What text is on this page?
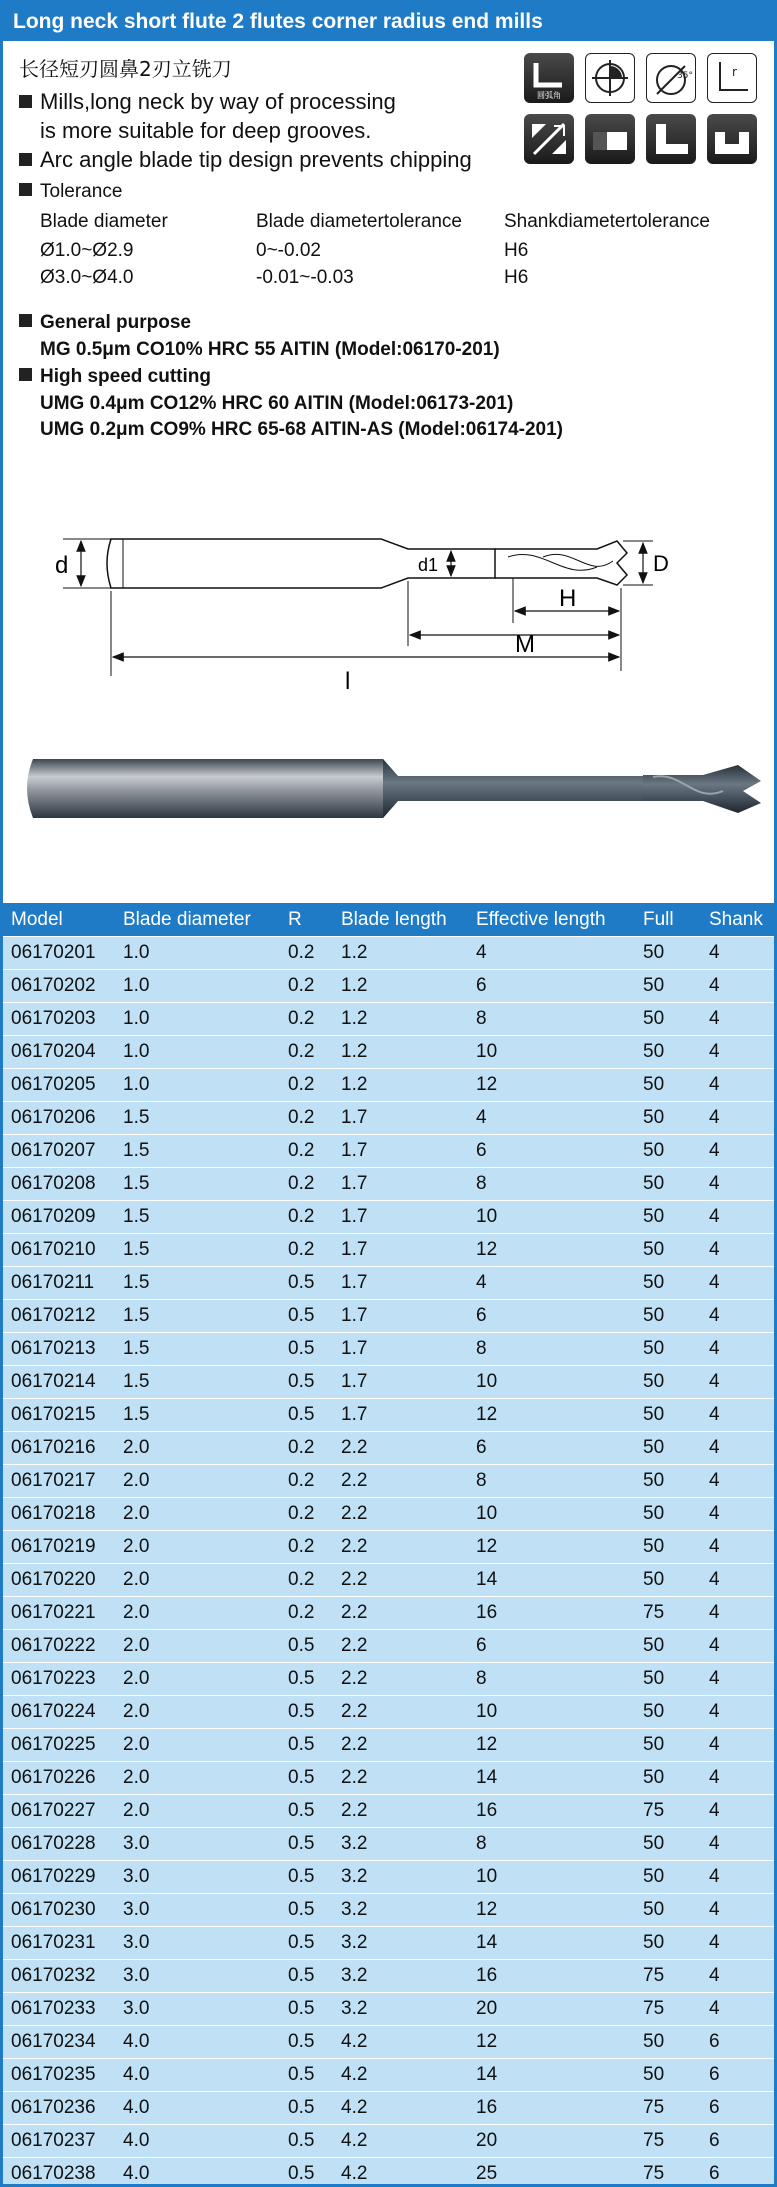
Long neck short flute 2 flutes corner radius end mills
长径短刃圆鼻2刃立铣刀
Mills,long neck by way of processing
is more suitable for deep grooves.
Arc angle blade tip design prevents chipping
圆弧角
35°	r
Tolerance
Blade diameter	Blade diametertolerance Shankdiametertolerance
Ø1.0~Ø2.9	0~-0.02	H6
Ø3.0~Ø4.0	-0.01~-0.03	H6
General purpose
MG 0.5μm CO10% HRC 55 AITIN (Model:06170-201)
High speed cutting
UMG 0.4μm CO12% HRC 60 AITIN (Model:06173-201)
UMG 0.2μm CO9% HRC 65-68 AITIN-AS (Model:06174-201)
d	d1	D
H
M
l
Model	Blade diameter	R	Blade length	Effective length	Full	Shank
06170201	1.0	0.2	1.2	4	50	4
06170202	1.0	0.2	1.2	6	50	4
06170203	1.0	0.2	1.2	8	50	4
06170204	1.0	0.2	1.2	10	50	4
06170205	1.0	0.2	1.2	12	50	4
06170206	1.5	0.2	1.7	4	50	4
06170207	1.5	0.2	1.7	6	50	4
06170208	1.5	0.2	1.7	8	50	4
06170209	1.5	0.2	1.7	10	50	4
06170210	1.5	0.2	1.7	12	50	4
06170211	1.5	0.5	1.7	4	50	4
06170212	1.5	0.5	1.7	6	50	4
06170213	1.5	0.5	1.7	8	50	4
06170214	1.5	0.5	1.7	10	50	4
06170215	1.5	0.5	1.7	12	50	4
06170216	2.0	0.2	2.2	6	50	4
06170217	2.0	0.2	2.2	8	50	4
06170218	2.0	0.2	2.2	10	50	4
06170219	2.0	0.2	2.2	12	50	4
06170220	2.0	0.2	2.2	14	50	4
06170221	2.0	0.2	2.2	16	75	4
06170222	2.0	0.5	2.2	6	50	4
06170223	2.0	0.5	2.2	8	50	4
06170224	2.0	0.5	2.2	10	50	4
06170225	2.0	0.5	2.2	12	50	4
06170226	2.0	0.5	2.2	14	50	4
06170227	2.0	0.5	2.2	16	75	4
06170228	3.0	0.5	3.2	8	50	4
06170229	3.0	0.5	3.2	10	50	4
06170230	3.0	0.5	3.2	12	50	4
06170231	3.0	0.5	3.2	14	50	4
06170232	3.0	0.5	3.2	16	75	4
06170233	3.0	0.5	3.2	20	75	4
06170234	4.0	0.5	4.2	12	50	6
06170235	4.0	0.5	4.2	14	50	6
06170236	4.0	0.5	4.2	16	75	6
06170237	4.0	0.5	4.2	20	75	6
06170238	4.0	0.5	4.2	25	75	6
